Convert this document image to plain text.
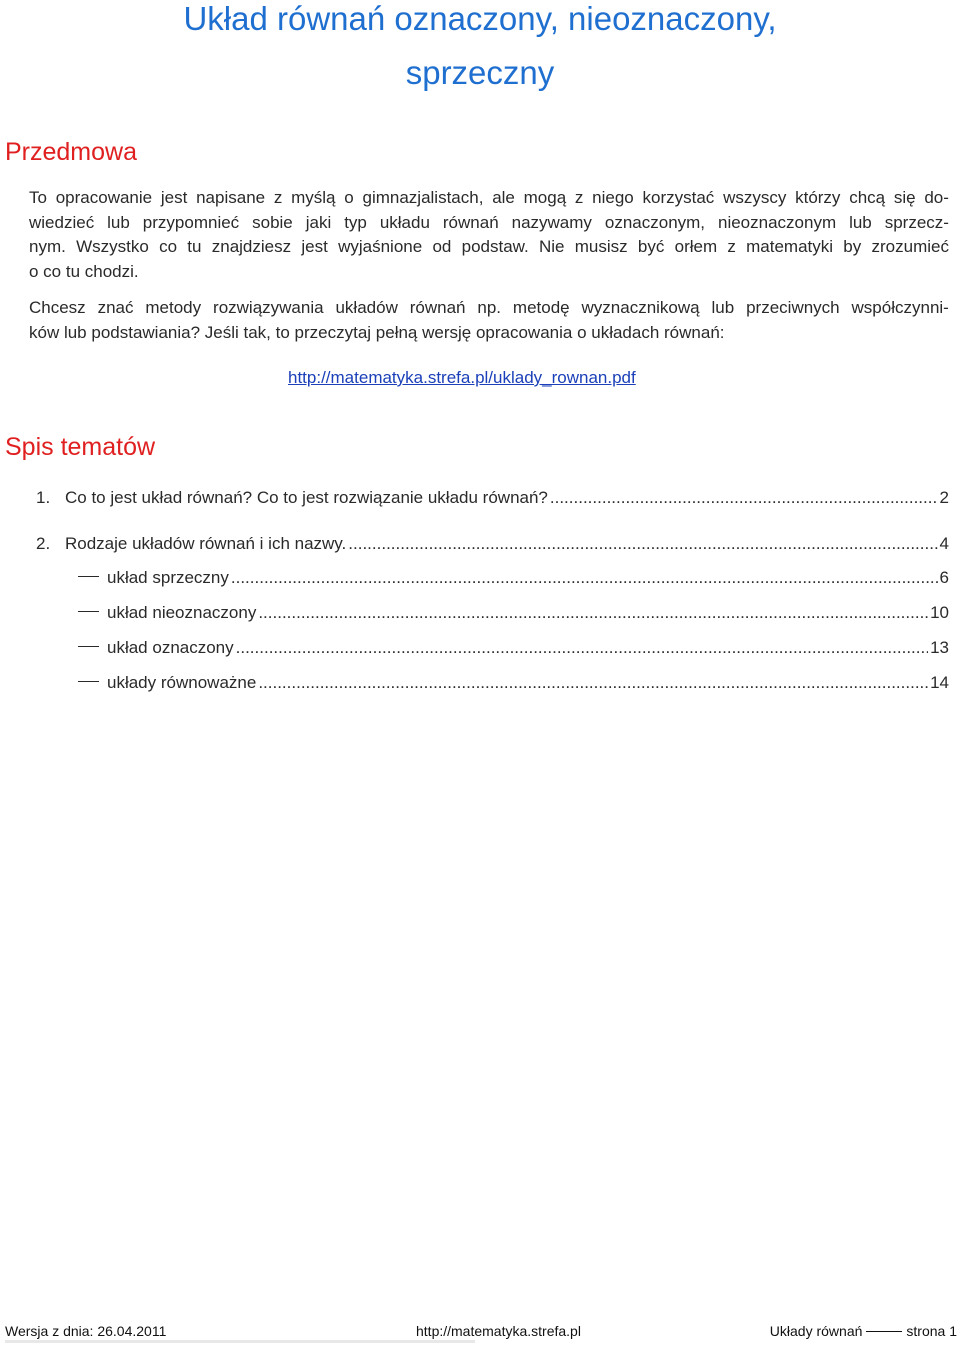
Układ równań oznaczony, nieoznaczony,
sprzeczny
Przedmowa
To opracowanie jest napisane z myślą o gimnazjalistach, ale mogą z niego korzystać wszyscy którzy chcą się do-
wiedzieć lub przypomnieć sobie jaki typ układu równań nazywamy oznaczonym, nieoznaczonym lub sprzecz-
nym. Wszystko co tu znajdziesz jest wyjaśnione od podstaw. Nie musisz być orłem z matematyki by zrozumieć
o co tu chodzi.
Chcesz znać metody rozwiązywania układów równań np. metodę wyznacznikową lub przeciwnych współczynni-
ków lub podstawiania? Jeśli tak, to przeczytaj pełną wersję opracowania o układach równań:
http://matematyka.strefa.pl/uklady_rownan.pdf
Spis tematów
1. Co to jest układ równań? Co to jest rozwiązanie układu równań? .....	2
2. Rodzaje układów równań i ich nazwy. .....	4
układ sprzeczny .....	6
układ nieoznaczony .....	10
układ oznaczony .....	13
układy równoważne .....	14
Wersja z dnia: 26.04.2011	http://matematyka.strefa.pl	Układy równań	strona 1
